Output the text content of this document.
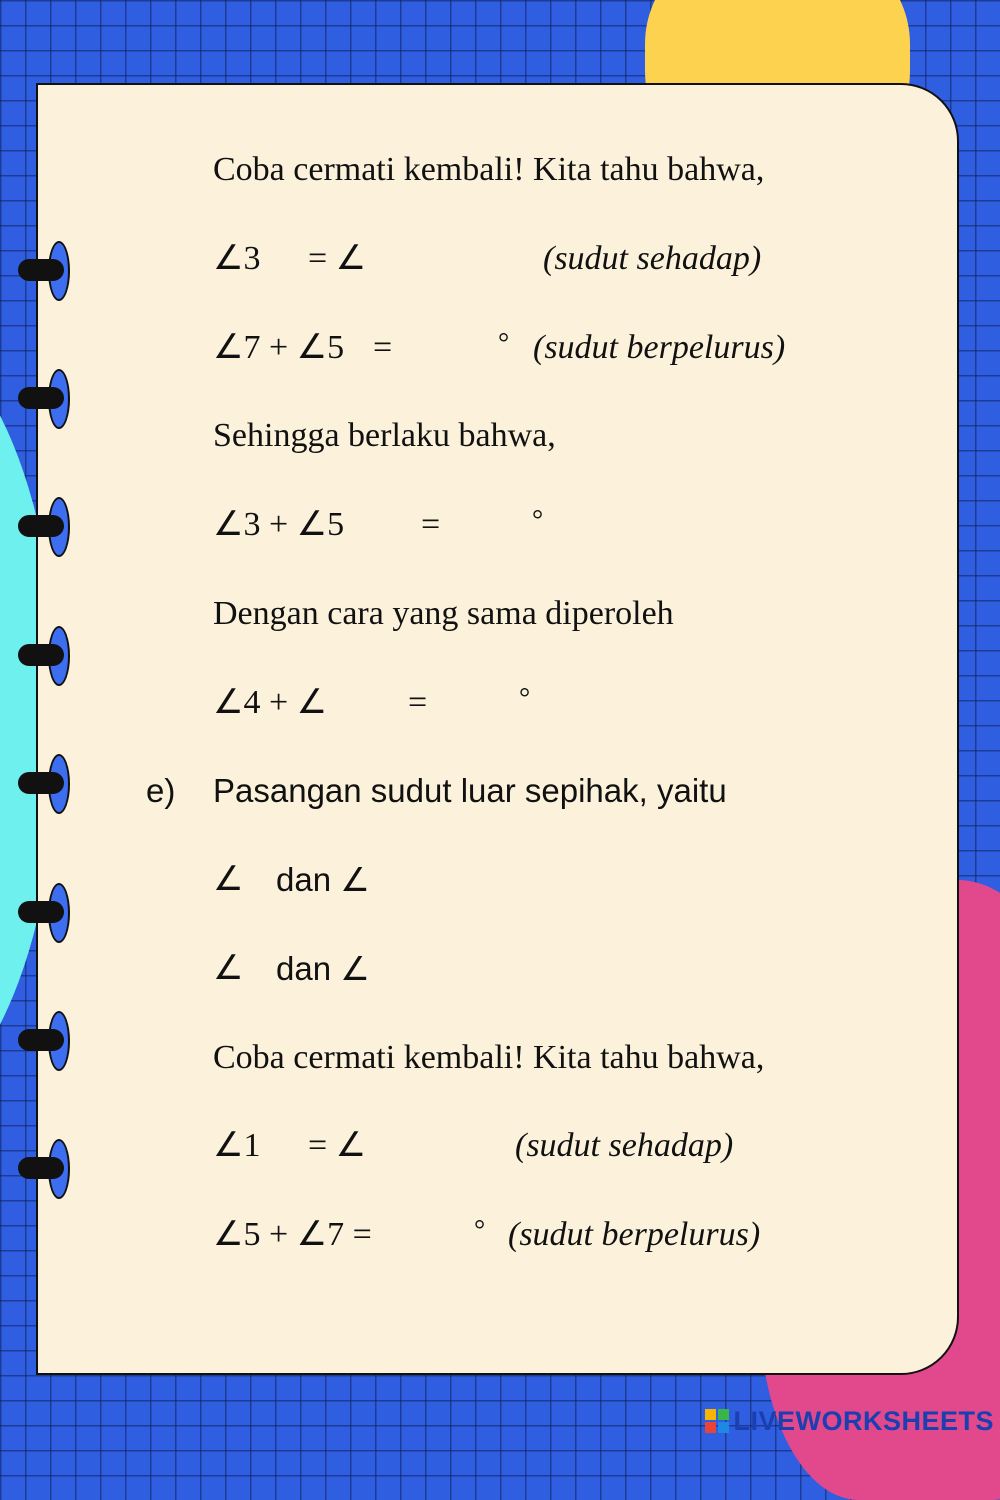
Coba cermati kembali! Kita tahu bahwa,
∠3 = ∠	(sudut sehadap)
∠7 + ∠5 =	° (sudut berpelurus)
Sehingga berlaku bahwa,
∠3 + ∠5 =	°
Dengan cara yang sama diperoleh
∠4 + ∠ =	°
e) Pasangan sudut luar sepihak, yaitu
∠ dan ∠
∠ dan ∠
Coba cermati kembali! Kita tahu bahwa,
∠1 = ∠	(sudut sehadap)
∠5 + ∠7 =	° (sudut berpelurus)
LIVEWORKSHEETS
